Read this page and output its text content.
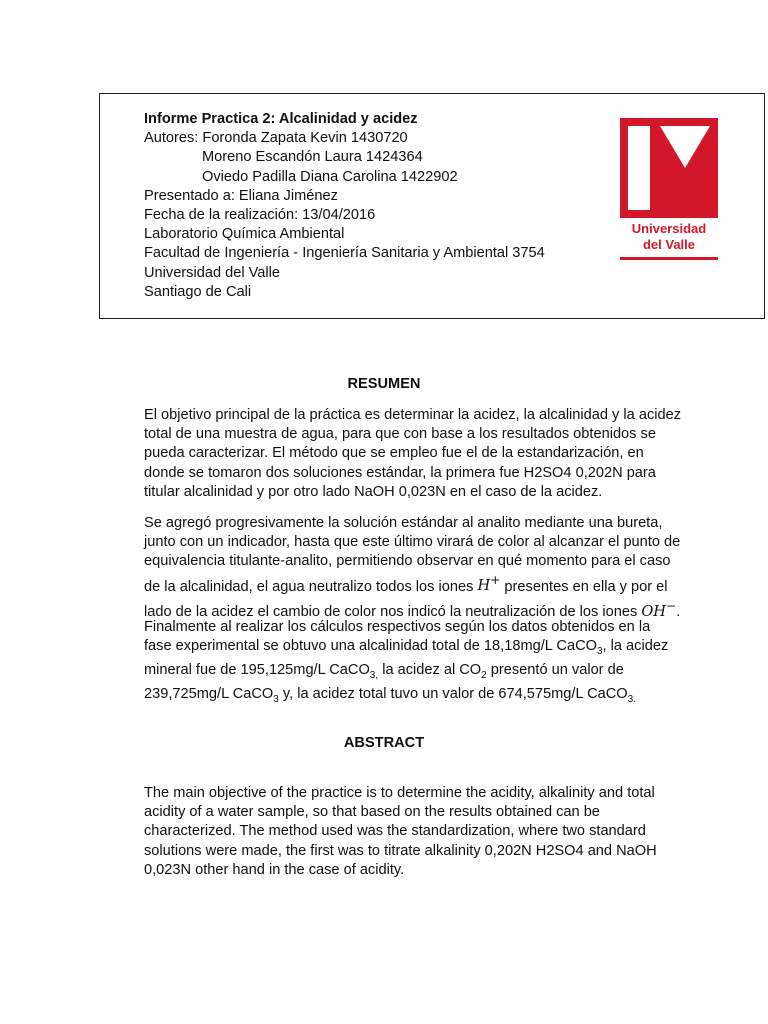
Informe Practica 2: Alcalinidad y acidez
Autores: Foronda Zapata Kevin 1430720
Moreno Escandón Laura 1424364
Oviedo Padilla Diana Carolina 1422902
Presentado a: Eliana Jiménez
Fecha de la realización: 13/04/2016
Laboratorio Química Ambiental
Facultad de Ingeniería - Ingeniería Sanitaria y Ambiental 3754
Universidad del Valle
Santiago de Cali
Universidad
del Valle
RESUMEN
El objetivo principal de la práctica es determinar la acidez, la alcalinidad y la acidez
total de una muestra de agua, para que con base a los resultados obtenidos se
pueda caracterizar. El método que se empleo fue el de la estandarización, en
donde se tomaron dos soluciones estándar, la primera fue H2SO4 0,202N para
titular alcalinidad y por otro lado NaOH 0,023N en el caso de la acidez.
Se agregó progresivamente la solución estándar al analito mediante una bureta,
junto con un indicador, hasta que este último virará de color al alcanzar el punto de
equivalencia titulante-analito, permitiendo observar en qué momento para el caso
de la alcalinidad, el agua neutralizo todos los iones H+ presentes en ella y por el
lado de la acidez el cambio de color nos indicó la neutralización de los iones OH−.
Finalmente al realizar los cálculos respectivos según los datos obtenidos en la
fase experimental se obtuvo una alcalinidad total de 18,18mg/L CaCO$_3$, la acidez
mineral fue de 195,125mg/L CaCO$_{3,}$ la acidez al $CO_2$ presentó un valor de
239,725mg/L CaCO$_3$ y, la acidez total tuvo un valor de 674,575mg/L CaCO$_{3.}$
ABSTRACT
The main objective of the practice is to determine the acidity, alkalinity and total
acidity of a water sample, so that based on the results obtained can be
characterized. The method used was the standardization, where two standard
solutions were made, the first was to titrate alkalinity 0,202N H2SO4 and NaOH
0,023N other hand in the case of acidity.
